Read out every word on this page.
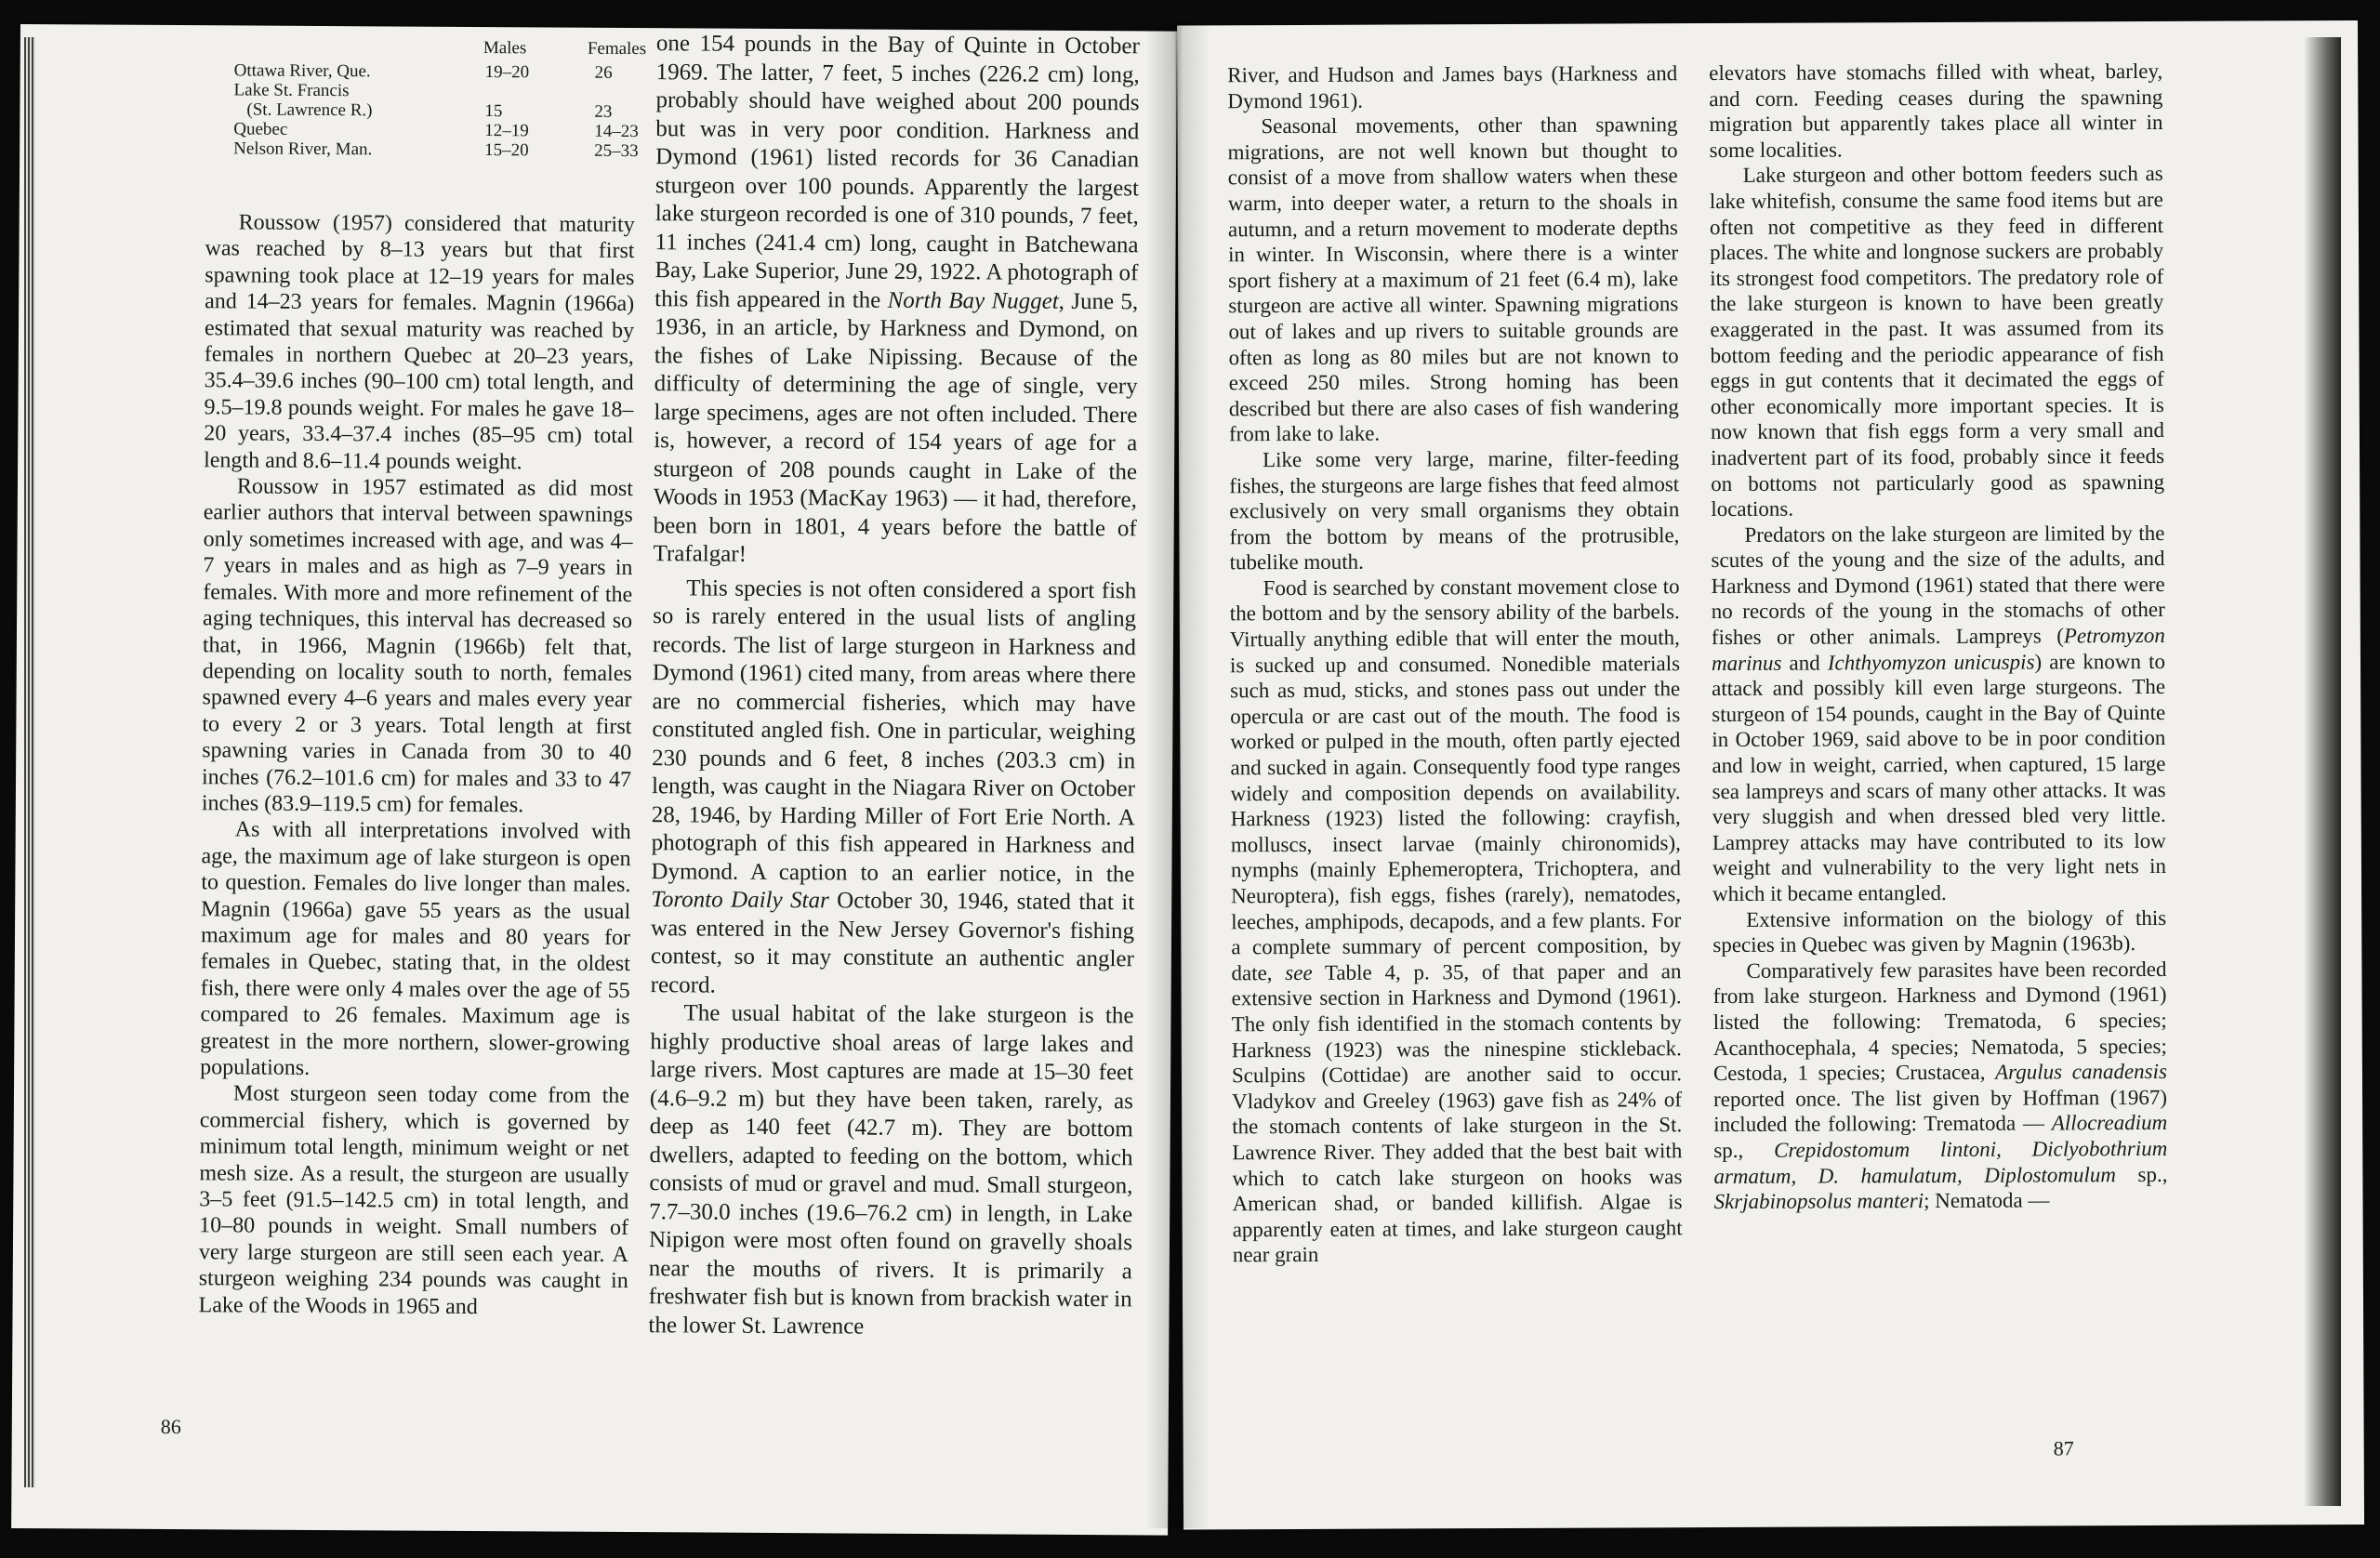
Males	Females
Ottawa River, Que.	19–20	26
Lake St. Francis
(St. Lawrence R.)	15	23
Quebec	12–19	14–23
Nelson River, Man.	15–20	25–33

Roussow (1957) considered that maturity was reached by 8–13 years but that first spawning took place at 12–19 years for males and 14–23 years for females. Magnin (1966a) estimated that sexual maturity was reached by females in northern Quebec at 20–23 years, 35.4–39.6 inches (90–100 cm) total length, and 9.5–19.8 pounds weight. For males he gave 18–20 years, 33.4–37.4 inches (85–95 cm) total length and 8.6–11.4 pounds weight.

Roussow in 1957 estimated as did most earlier authors that interval between spawnings only sometimes increased with age, and was 4–7 years in males and as high as 7–9 years in females. With more and more refinement of the aging techniques, this interval has decreased so that, in 1966, Magnin (1966b) felt that, depending on locality south to north, females spawned every 4–6 years and males every year to every 2 or 3 years. Total length at first spawning varies in Canada from 30 to 40 inches (76.2–101.6 cm) for males and 33 to 47 inches (83.9–119.5 cm) for females.

As with all interpretations involved with age, the maximum age of lake sturgeon is open to question. Females do live longer than males. Magnin (1966a) gave 55 years as the usual maximum age for males and 80 years for females in Quebec, stating that, in the oldest fish, there were only 4 males over the age of 55 compared to 26 females. Maximum age is greatest in the more northern, slower-growing populations.

Most sturgeon seen today come from the commercial fishery, which is governed by minimum total length, minimum weight or net mesh size. As a result, the sturgeon are usually 3–5 feet (91.5–142.5 cm) in total length, and 10–80 pounds in weight. Small numbers of very large sturgeon are still seen each year. A sturgeon weighing 234 pounds was caught in Lake of the Woods in 1965 and

one 154 pounds in the Bay of Quinte in October 1969. The latter, 7 feet, 5 inches (226.2 cm) long, probably should have weighed about 200 pounds but was in very poor condition. Harkness and Dymond (1961) listed records for 36 Canadian sturgeon over 100 pounds. Apparently the largest lake sturgeon recorded is one of 310 pounds, 7 feet, 11 inches (241.4 cm) long, caught in Batchewana Bay, Lake Superior, June 29, 1922. A photograph of this fish appeared in the North Bay Nugget, June 5, 1936, in an article, by Harkness and Dymond, on the fishes of Lake Nipissing. Because of the difficulty of determining the age of single, very large specimens, ages are not often included. There is, however, a record of 154 years of age for a sturgeon of 208 pounds caught in Lake of the Woods in 1953 (MacKay 1963) — it had, therefore, been born in 1801, 4 years before the battle of Trafalgar!

This species is not often considered a sport fish so is rarely entered in the usual lists of angling records. The list of large sturgeon in Harkness and Dymond (1961) cited many, from areas where there are no commercial fisheries, which may have constituted angled fish. One in particular, weighing 230 pounds and 6 feet, 8 inches (203.3 cm) in length, was caught in the Niagara River on October 28, 1946, by Harding Miller of Fort Erie North. A photograph of this fish appeared in Harkness and Dymond. A caption to an earlier notice, in the Toronto Daily Star October 30, 1946, stated that it was entered in the New Jersey Governor's fishing contest, so it may constitute an authentic angler record.

The usual habitat of the lake sturgeon is the highly productive shoal areas of large lakes and large rivers. Most captures are made at 15–30 feet (4.6–9.2 m) but they have been taken, rarely, as deep as 140 feet (42.7 m). They are bottom dwellers, adapted to feeding on the bottom, which consists of mud or gravel and mud. Small sturgeon, 7.7–30.0 inches (19.6–76.2 cm) in length, in Lake Nipigon were most often found on gravelly shoals near the mouths of rivers. It is primarily a freshwater fish but is known from brackish water in the lower St. Lawrence

86

River, and Hudson and James bays (Harkness and Dymond 1961).

Seasonal movements, other than spawning migrations, are not well known but thought to consist of a move from shallow waters when these warm, into deeper water, a return to the shoals in autumn, and a return movement to moderate depths in winter. In Wisconsin, where there is a winter sport fishery at a maximum of 21 feet (6.4 m), lake sturgeon are active all winter. Spawning migrations out of lakes and up rivers to suitable grounds are often as long as 80 miles but are not known to exceed 250 miles. Strong homing has been described but there are also cases of fish wandering from lake to lake.

Like some very large, marine, filter-feeding fishes, the sturgeons are large fishes that feed almost exclusively on very small organisms they obtain from the bottom by means of the protrusible, tubelike mouth.

Food is searched by constant movement close to the bottom and by the sensory ability of the barbels. Virtually anything edible that will enter the mouth, is sucked up and consumed. Nonedible materials such as mud, sticks, and stones pass out under the opercula or are cast out of the mouth. The food is worked or pulped in the mouth, often partly ejected and sucked in again. Consequently food type ranges widely and composition depends on availability. Harkness (1923) listed the following: crayfish, molluscs, insect larvae (mainly chironomids), nymphs (mainly Ephemeroptera, Trichoptera, and Neuroptera), fish eggs, fishes (rarely), nematodes, leeches, amphipods, decapods, and a few plants. For a complete summary of percent composition, by date, see Table 4, p. 35, of that paper and an extensive section in Harkness and Dymond (1961). The only fish identified in the stomach contents by Harkness (1923) was the ninespine stickleback. Sculpins (Cottidae) are another said to occur. Vladykov and Greeley (1963) gave fish as 24% of the stomach contents of lake sturgeon in the St. Lawrence River. They added that the best bait with which to catch lake sturgeon on hooks was American shad, or banded killifish. Algae is apparently eaten at times, and lake sturgeon caught near grain

elevators have stomachs filled with wheat, barley, and corn. Feeding ceases during the spawning migration but apparently takes place all winter in some localities.

Lake sturgeon and other bottom feeders such as lake whitefish, consume the same food items but are often not competitive as they feed in different places. The white and longnose suckers are probably its strongest food competitors. The predatory role of the lake sturgeon is known to have been greatly exaggerated in the past. It was assumed from its bottom feeding and the periodic appearance of fish eggs in gut contents that it decimated the eggs of other economically more important species. It is now known that fish eggs form a very small and inadvertent part of its food, probably since it feeds on bottoms not particularly good as spawning locations.

Predators on the lake sturgeon are limited by the scutes of the young and the size of the adults, and Harkness and Dymond (1961) stated that there were no records of the young in the stomachs of other fishes or other animals. Lampreys (Petromyzon marinus and Ichthyomyzon unicuspis) are known to attack and possibly kill even large sturgeons. The sturgeon of 154 pounds, caught in the Bay of Quinte in October 1969, said above to be in poor condition and low in weight, carried, when captured, 15 large sea lampreys and scars of many other attacks. It was very sluggish and when dressed bled very little. Lamprey attacks may have contributed to its low weight and vulnerability to the very light nets in which it became entangled.

Extensive information on the biology of this species in Quebec was given by Magnin (1963b).

Comparatively few parasites have been recorded from lake sturgeon. Harkness and Dymond (1961) listed the following: Trematoda, 6 species; Acanthocephala, 4 species; Nematoda, 5 species; Cestoda, 1 species; Crustacea, Argulus canadensis reported once. The list given by Hoffman (1967) included the following: Trematoda — Allocreadium sp., Crepidostomum lintoni, Diclyobothrium armatum, D. hamulatum, Diplostomulum sp., Skrjabinopsolus manteri; Nematoda —

87
